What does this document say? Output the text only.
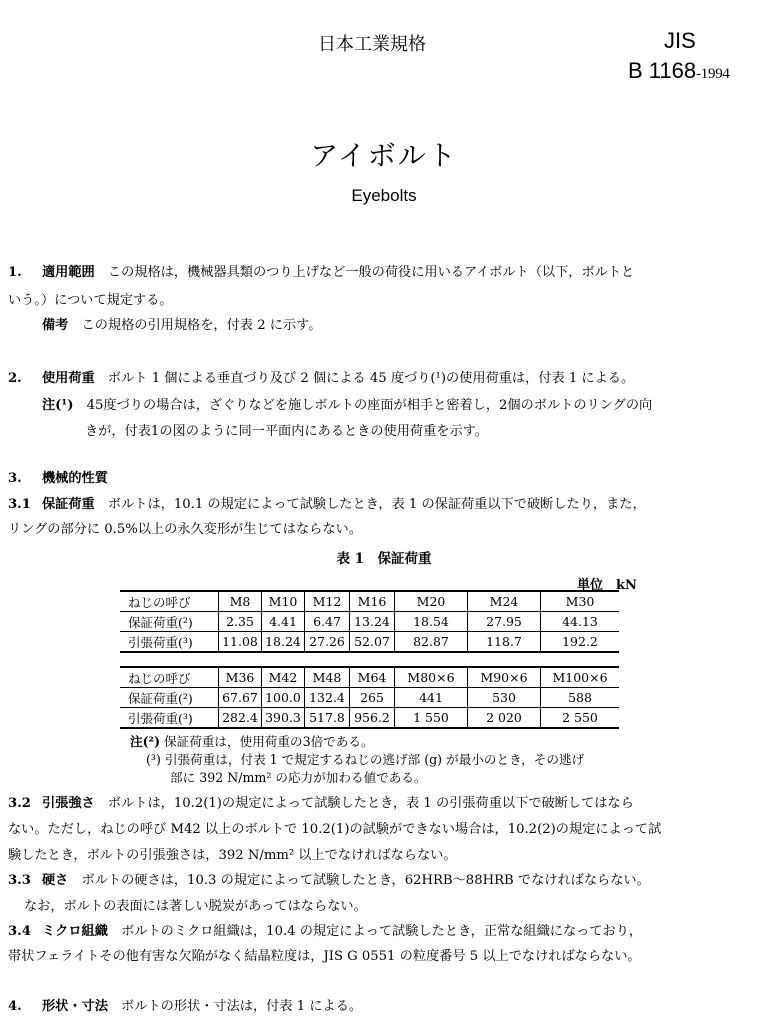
日本工業規格	JIS
B 1168-1994
アイボルト
Eyebolts
1. 適用範囲　この規格は，機械器具類のつり上げなど一般の荷役に用いるアイボルト（以下，ボルトと
いう。）について規定する。
備考　この規格の引用規格を，付表 2 に示す。
2. 使用荷重　ボルト 1 個による垂直づり及び 2 個による 45 度づり(¹)の使用荷重は，付表 1 による。
注(¹)　45度づりの場合は，ざぐりなどを施しボルトの座面が相手と密着し，2個のボルトのリングの向
きが，付表1の図のように同一平面内にあるときの使用荷重を示す。
3. 機械的性質
3.1 保証荷重　ボルトは，10.1 の規定によって試験したとき，表 1 の保証荷重以下で破断したり，また，
リングの部分に 0.5%以上の永久変形が生じてはならない。
表 1　保証荷重
単位　kN
ねじの呼び	M8	M10	M12	M16	M20	M24	M30
保証荷重(²)	2.35	4.41	6.47	13.24	18.54	27.95	44.13
引張荷重(³)	11.08	18.24	27.26	52.07	82.87	118.7	192.2
ねじの呼び	M36	M42	M48	M64	M80×6	M90×6	M100×6
保証荷重(²)	67.67	100.0	132.4	265	441	530	588
引張荷重(³)	282.4	390.3	517.8	956.2	1 550	2 020	2 550
注(²) 保証荷重は，使用荷重の3倍である。
(³) 引張荷重は，付表 1 で規定するねじの逃げ部 (g) が最小のとき，その逃げ
部に 392 N/mm² の応力が加わる値である。
3.2 引張強さ　ボルトは，10.2(1)の規定によって試験したとき，表 1 の引張荷重以下で破断してはなら
ない。ただし，ねじの呼び M42 以上のボルトで 10.2(1)の試験ができない場合は，10.2(2)の規定によって試
験したとき，ボルトの引張強さは，392 N/mm² 以上でなければならない。
3.3 硬さ　ボルトの硬さは，10.3 の規定によって試験したとき，62HRB～88HRB でなければならない。
なお，ボルトの表面には著しい脱炭があってはならない。
3.4 ミクロ組織　ボルトのミクロ組織は，10.4 の規定によって試験したとき，正常な組織になっており，
帯状フェライトその他有害な欠陥がなく結晶粒度は，JIS G 0551 の粒度番号 5 以上でなければならない。
4. 形状・寸法　ボルトの形状・寸法は，付表 1 による。
